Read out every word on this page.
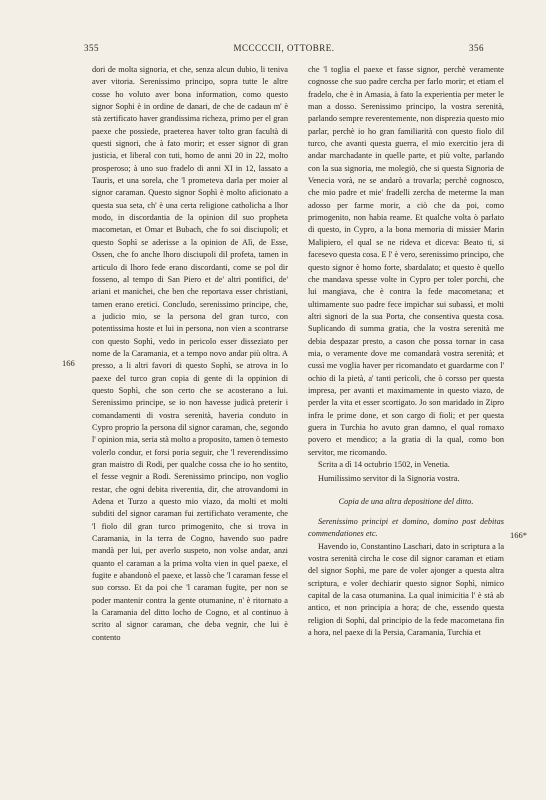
355	MCCCCCII, OTTOBRE.	356
166
166*

dori de molta signoria, et che, senza alcun dubio, li teniva aver vitoria. Serenissimo principo, sopra tutte le altre cosse ho voluto aver bona information, como questo signor Sophi è in ordine de danari, de che de cadaun m' è stà zertificato haver grandissima richeza, primo per el gran paexe che possiede, praeterea haver tolto gran facultà di questi signori, che à fato morir; et esser signor di gran justicia, et liberal con tuti, homo de anni 20 in 22, molto prosperoso; à uno suo fradelo di anni XI in 12, lassato a Tauris, et una sorela, che 'l prometeva darla per moier al signor caraman. Questo signor Sophì è molto aficionato a questa sua seta, ch' è una certa religione catholicha a lhor modo, in discordantia de la opinion dil suo propheta macometan, et Omar et Bubach, che fo soi disciupoli; et questo Sophì se aderisse a la opinion de Alì, de Esse, Ossen, che fo anche lhoro disciupoli dil profeta, tamen in articulo di lhoro fede erano discordanti, come se pol dir fosseno, al tempo di San Piero et de' altri pontifici, de' ariani et manichei, che ben che reportava esser christiani, tamen erano eretici. Concludo, serenissimo principe, che, a judicio mio, se la persona del gran turco, con potentissima hoste et lui in persona, non vien a scontrarse con questo Sophì, vedo in pericolo esser disseziato per nome de la Caramania, et a tempo novo andar più oltra. A presso, a li altri favori di questo Sophì, se atrova in lo paexe del turco gran copia di gente di la oppinion di questo Sophì, che son certo che se acosterano a lui. Serenissimo principe, se io non havesse judicà preterir i comandamenti di vostra serenità, haveria conduto in Cypro proprio la persona dil signor caraman, che, segondo l' opinion mia, seria stà molto a proposito, tamen ò temesto volerlo condur, et forsi poria seguir, che 'l reverendissimo gran maistro di Rodi, per qualche cossa che io ho sentito, el fesse vegnir a Rodi. Serenissimo principo, non voglio restar, che ogni debita riverentia, dir, che atrovandomi in Adena et Turzo a questo mio viazo, da molti et molti subditi del signor caraman fui zertifichato veramente, che 'l fiolo dil gran turco primogenito, che si trova in Caramania, in la terra de Cogno, havendo suo padre mandà per lui, per averlo suspeto, non volse andar, anzi quanto el caraman a la prima volta vien in quel paexe, el fugite e abandonò el paexe, et lassò che 'l caraman fesse el suo corsso. Et da poi che 'l caraman fugite, per non se poder mantenir contra la gente otumanine, n' è ritornato a la Caramania del ditto locho de Cogno, et al continuo à scrito al signor caraman, che deba vegnir, che lui è contento

che 'l toglia el paexe et fasse signor, perchè veramente cognosse che suo padre cercha per farlo morir; et etiam el fradelo, che è in Amasia, à fato la experientia per meter le man a dosso. Serenissimo principo, la vostra serenità, parlando sempre reverentemente, non disprezia questo mio parlar, perchè io ho gran familiarità con questo fiolo dil turco, che avanti questa guerra, el mio exercitio jera di andar marchadante in quelle parte, et più volte, parlando con la sua signoria, me molegiò, che si questa Signoria de Venecia vorà, ne se andarò a trovarla; perchè cognosco, che mio padre et mie' fradelli zercha de meterme la man adosso per farme morir, a ciò che da poi, como primogenito, non habia reame. Et qualche volta ò parlato di questo, in Cypro, a la bona memoria di missier Marin Malipiero, el qual se ne rideva et diceva: Beato ti, si facesevo questa cosa. E l' è vero, serenissimo principo, che questo signor è homo forte, sbardalato; et questo è quello che mandava spesse volte in Cypro per toler porchi, che lui mangiava, che è contra la fede macometana; et ultimamente suo padre fece impichar sui subassì, et molti altri signori de la sua Porta, che consentiva questa cosa. Suplicando di summa gratia, che la vostra serenità me debia despazar presto, a cason che possa tornar in casa mia, o veramente dove me comandarà vostra serenità; et cussì me voglia haver per ricomandato et guardarme con l' ochio di la pietà, a' tanti pericoli, che ò corsso per questa impresa, per avanti et maximamente in questo viazo, de perder la vita et esser scortigato. Jo son maridado in Zipro infra le prime done, et son cargo di fioli; et per questa guera in Turchia ho avuto gran damno, el qual romaxo povero et mendico; a la gratia di la qual, como bon servitor, me ricomando.

Scrita a dì 14 octubrio 1502, in Venetia.

Humilissimo servitor di la Signoria vostra.

Copia de una altra depositione del ditto.

Serenissimo principi et domino, domino post debitas commendationes etc.

Havendo io, Constantino Laschari, dato in scriptura a la vostra serenità circha le cose dil signor caraman et etiam del signor Sophì, me pare de voler ajonger a questa altra scriptura, e voler dechiarir questo signor Sophì, nimico capital de la casa otumanina. La qual inimicitia l' è stà ab antico, et non principia a hora; de che, essendo questa religion di Sophì, dal principio de la fede macometana fin a hora, nel paexe di la Persia, Caramania, Turchia et
